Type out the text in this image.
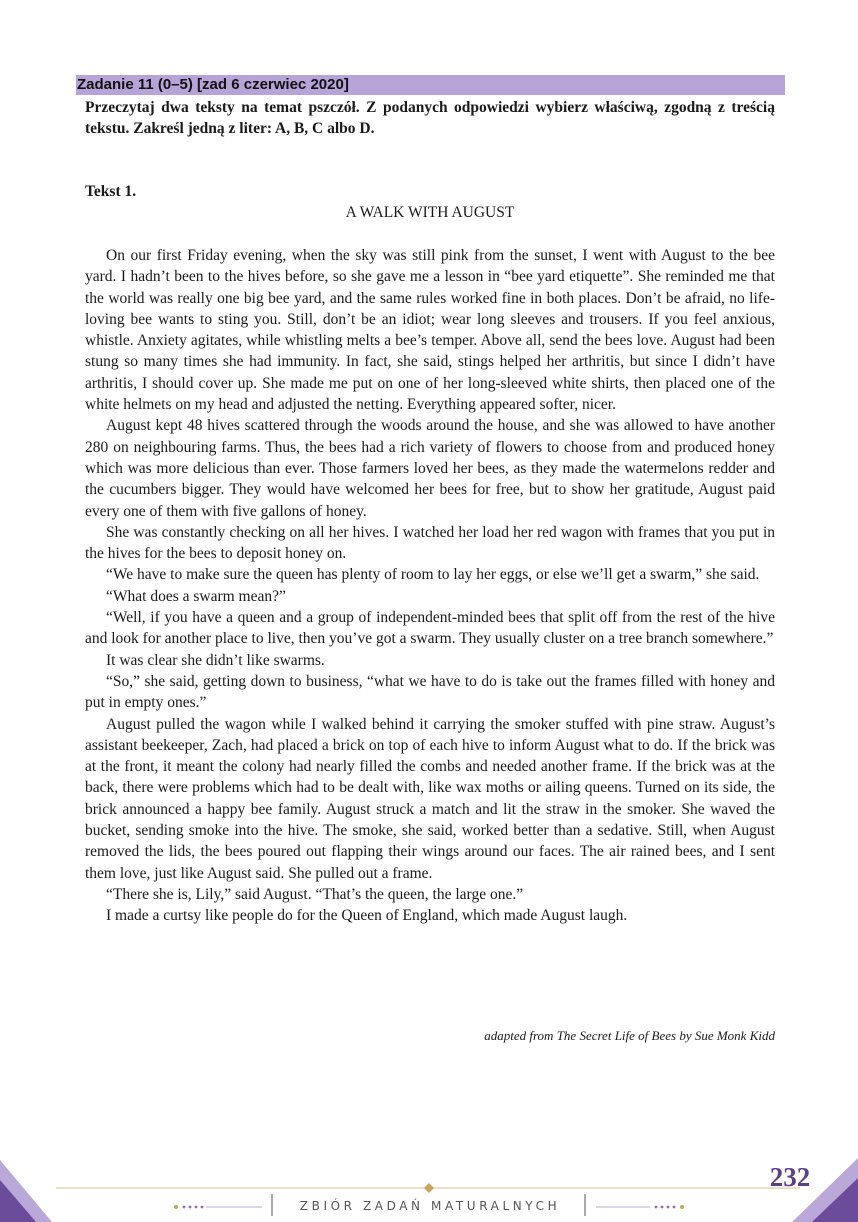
Zadanie 11 (0–5) [zad 6 czerwiec 2020]
Przeczytaj dwa teksty na temat pszczół. Z podanych odpowiedzi wybierz właściwą, zgodną z treścią tekstu. Zakreśl jedną z liter: A, B, C albo D.
Tekst 1.
A WALK WITH AUGUST

On our first Friday evening, when the sky was still pink from the sunset, I went with August to the bee yard. I hadn’t been to the hives before, so she gave me a lesson in “bee yard etiquette”. She reminded me that the world was really one big bee yard, and the same rules worked fine in both places. Don’t be afraid, no life-loving bee wants to sting you. Still, don’t be an idiot; wear long sleeves and trousers. If you feel anxious, whistle. Anxiety agitates, while whistling melts a bee’s temper. Above all, send the bees love. August had been stung so many times she had immunity. In fact, she said, stings helped her arthritis, but since I didn’t have arthritis, I should cover up. She made me put on one of her long-sleeved white shirts, then placed one of the white helmets on my head and adjusted the netting. Everything appeared softer, nicer.

August kept 48 hives scattered through the woods around the house, and she was allowed to have another 280 on neighbouring farms. Thus, the bees had a rich variety of flowers to choose from and produced honey which was more delicious than ever. Those farmers loved her bees, as they made the watermelons redder and the cucumbers bigger. They would have welcomed her bees for free, but to show her gratitude, August paid every one of them with five gallons of honey.

She was constantly checking on all her hives. I watched her load her red wagon with frames that you put in the hives for the bees to deposit honey on.

“We have to make sure the queen has plenty of room to lay her eggs, or else we’ll get a swarm,” she said.

“What does a swarm mean?”

“Well, if you have a queen and a group of independent-minded bees that split off from the rest of the hive and look for another place to live, then you’ve got a swarm. They usually cluster on a tree branch somewhere.”

It was clear she didn’t like swarms.

“So,” she said, getting down to business, “what we have to do is take out the frames filled with honey and put in empty ones.”

August pulled the wagon while I walked behind it carrying the smoker stuffed with pine straw. August’s assistant beekeeper, Zach, had placed a brick on top of each hive to inform August what to do. If the brick was at the front, it meant the colony had nearly filled the combs and needed another frame. If the brick was at the back, there were problems which had to be dealt with, like wax moths or ailing queens. Turned on its side, the brick announced a happy bee family. August struck a match and lit the straw in the smoker. She waved the bucket, sending smoke into the hive. The smoke, she said, worked better than a sedative. Still, when August removed the lids, the bees poured out flapping their wings around our faces. The air rained bees, and I sent them love, just like August said. She pulled out a frame.

“There she is, Lily,” said August. “That’s the queen, the large one.”

I made a curtsy like people do for the Queen of England, which made August laugh.

adapted from The Secret Life of Bees by Sue Monk Kidd
232
ZBIÓR ZADAŃ MATURALNYCH
